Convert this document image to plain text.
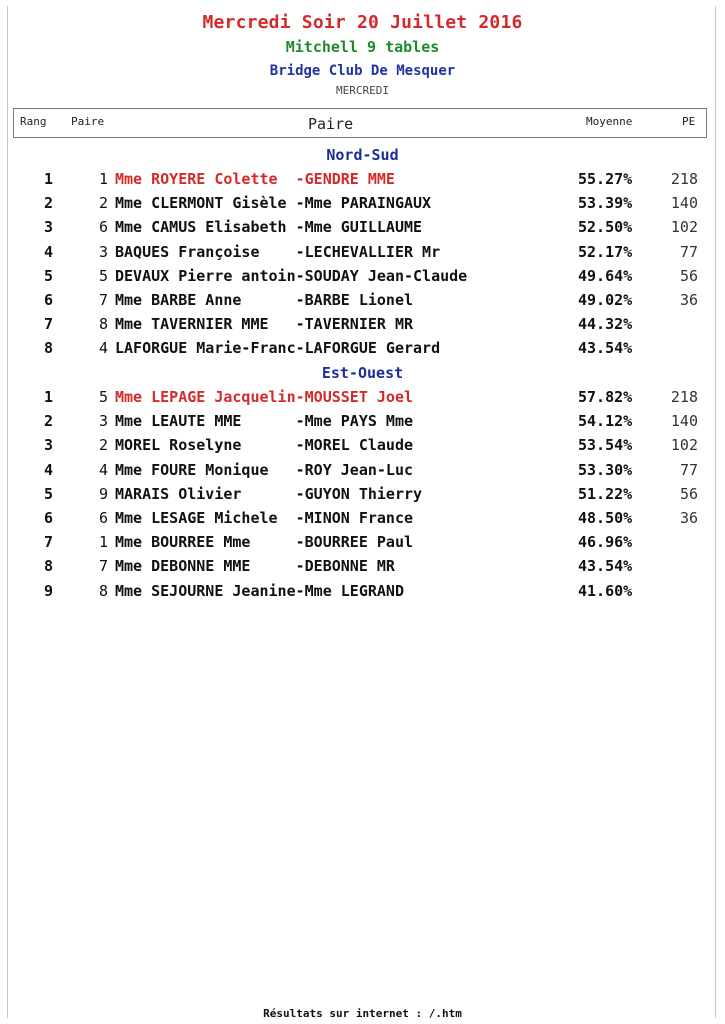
Mercredi Soir 20 Juillet 2016
Mitchell 9 tables
Bridge Club De Mesquer
MERCREDI
Rang Paire	Paire	Moyenne	PE
Nord-Sud
1	1 Mme ROYERE Colette  -GENDRE MME	55.27%	218
2	2 Mme CLERMONT Gisèle -Mme PARAINGAUX	53.39%	140
3	6 Mme CAMUS Elisabeth -Mme GUILLAUME	52.50%	102
4	3 BAQUES Françoise    -LECHEVALLIER Mr	52.17%	77
5	5 DEVAUX Pierre antoin-SOUDAY Jean-Claude	49.64%	56
6	7 Mme BARBE Anne      -BARBE Lionel	49.02%	36
7	8 Mme TAVERNIER MME   -TAVERNIER MR	44.32%
8	4 LAFORGUE Marie-Franc-LAFORGUE Gerard	43.54%
Est-Ouest
1	5 Mme LEPAGE Jacquelin-MOUSSET Joel	57.82%	218
2	3 Mme LEAUTE MME      -Mme PAYS Mme	54.12%	140
3	2 MOREL Roselyne      -MOREL Claude	53.54%	102
4	4 Mme FOURE Monique   -ROY Jean-Luc	53.30%	77
5	9 MARAIS Olivier      -GUYON Thierry	51.22%	56
6	6 Mme LESAGE Michele  -MINON France	48.50%	36
7	1 Mme BOURREE Mme     -BOURREE Paul	46.96%
8	7 Mme DEBONNE MME     -DEBONNE MR	43.54%
9	8 Mme SEJOURNE Jeanine-Mme LEGRAND	41.60%
Résultats sur internet : /.htm
